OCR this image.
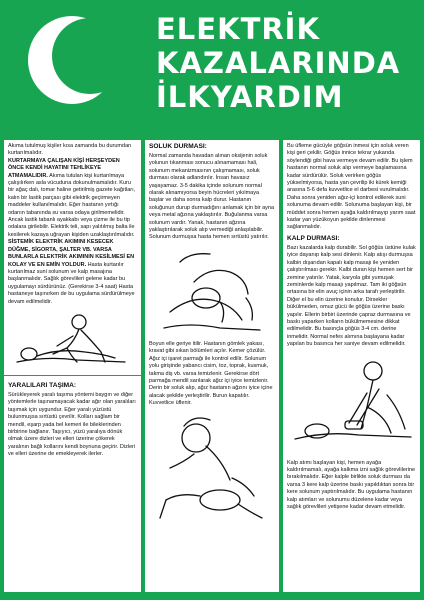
ELEKTRİK
KAZALARINDA
İLKYARDIM
Akıma tutulmuş kişiler kısa zamanda bu durumdan kurtarılmalıdır.
KURTARMAYA ÇALIŞAN KİŞİ HERŞEYDEN ÖNCE KENDİ HAYATINI TEHLİKEYE ATMAMALIDIR. Akıma tutulan kişi kurtarılmaya çalışılırken asla vücuduna dokunulmamalıdır. Kuru bir ağaç dalı, tomar haline getirilmiş gazete kağıtları, kalın bir lastik parçası gibi elektrik geçirmeyen maddeler kullanılmalıdır. Eğer hastanın yırtığı odanın tabanında su varsa odaya girilmemelidir. Ancak lastik tabanlı ayakkabı veya çizme ile bu tip odalara girilebilir. Elektrik teli, sapı yalıtılmış balta ile kesilerek kazaya uğrayan kişiden uzaklaştırılmalıdır.
SİSTEMİK ELEKTRİK AKIMINI KESECEK DÜĞME, SİGORTA, ŞALTER VB. VARSA BUNLARLA ELEKTRİK AKIMININ KESİLMESİ EN KOLAY VE EN EMİN YOLDUR. Hasta kurtarılır kurtarılmaz suni solunum ve kalp masajına başlanmalıdır. Sağlık görevlileri gelene kadar bu uygulamayı sürdürünüz. (Gerekirse 3-4 saat) Hasta hastaneye taşınırken de bu uygulama sürdürülmeye devam edilmelidir.
YARALILARI TAŞIMA:
Sürükleyerek yaralı taşıma yöntemi baygın ve diğer yöntemlerle taşınamayacak kadar ağır olan yaralıları taşımak için uygundur. Eğer yaralı yüzüstü bulunmuşsa sırtüstü çevrilir. Kolları sağlam bir mendil, eşarp yada bel kemeri ile bileklerinden birbirine bağlanır. Taşıyıcı, yüzü yaralıya dönük olmak üzere dizleri ve elleri üzerine çökerek yaralının bağlı kollarını kendi boynuna geçirir. Dizleri ve elleri üzerine de emekleyerek ilerler.
SOLUK DURMASI:
Normal zamanda havadan alınan oksijenin soluk yolunun tıkanması sonucu alınamaması hali, solunum mekanizmasının çalışmaması, soluk durması olarak adlandırılır. İnsan havasız yaşayamaz. 3-5 dakika içinde solunum normal olarak alınamıyorsa beyin hücreleri yıkılmaya başlar ve daha sonra kalp durur. Hastanın soluğunun durup durmadığını anlamak için bir ayna veya metal ağzına yaklaştırılır. Buğulanma varsa solunum vardır. Yanak, hastanın ağzına yaklaştırılarak soluk alıp vermediği anlaşılabilir. Solunum durmuşsa hasta hemen sırtüstü yatırılır.
Boyun elle geriye itilir. Hastanın gömlek yakası, kravat gibi sıkan bölümleri açılır. Kemer çözülür. Ağız içi işaret parmağı ile kontrol edilir. Solunum yolu girişinde yabancı cisim, toz, toprak, kusmuk, takma diş vb. varsa temizlenir. Gerekirse dört parmağa mendil sarılarak ağız içi iyice temizlenir. Derin bir soluk alıp, ağız hastanın ağzını iyice içine alacak şekilde yerleştirilir. Burun kapatılır. Kuvvetlice üflenir.
Bu üfleme gücüyle göğsün inmesi için soluk veren kişi geri çekilir. Göğüs innice tekrar yukarıda söylendiği gibi hava vermeye devam edilir. Bu işlem hastanın normal soluk alıp vermeye başlamasına kadar sürdürülür. Soluk verirken göğüs yükselmiyorsa, hasta yan çevrilip iki kürek kemiği arasına 5-6 defa kuvvetlice el darbesi vurulmalıdır. Daha sonra yeniden ağız-içi kontrol edilerek suni solunuma devam edilir. Solunuma başlayan kişi, bir müddet sonra hemen ayağa kaldırılmayıp yarım saat kadar yan yüzükoyun şekilde dinlenmesi sağlanmalıdır.
KALP DURMASI:
Bazı kazalarda kalp durabilir. Sol göğüs üstüne kulak iyice dayanıp kalp sesi dinlenir. Kalp atışı durmuşsa kalbin dışarıdan kapalı kalp masajı ile yeniden çalıştırılması gerekir. Kalbi duran kişi hemen sert bir zemine yatırılır. Yatak, karyola gibi yumuşak zeminlerde kalp masajı yapılmaz. Tam iki göğsün ortasına bir elin avuç içinin arka tarafı yerleştirilir. Diğer el bu elin üzerine konulur. Dirsekler bükülmeden, omuz gücü ile göğüs üzerine baskı yapılır. Ellerin birbiri üzerinde çapraz durmasına ve baskı yaparken kolların bükülmemesine dikkat edilmelidir. Bu basınçla göğüs 3-4 cm. derine inmelidir. Normal nefes alımına başlayana kadar yapılan bu basınca her saniye devam edilmelidir.
Kalp atımı başlayan kişi, hemen ayağa kaldırılmamalı, ayağa kalkma izni sağlık görevlilerine bırakılmalıdır. Eğer kalple birlikte soluk durması da varsa 3 kere kalp üzerine baskı yapıldıktan sonra bir kere solunum yaptırılmalıdır. Bu uygulama hastanın kalp atımları ve solunumu düzelene kadar veya sağlık görevlileri yetişene kadar devam etmelidir.
